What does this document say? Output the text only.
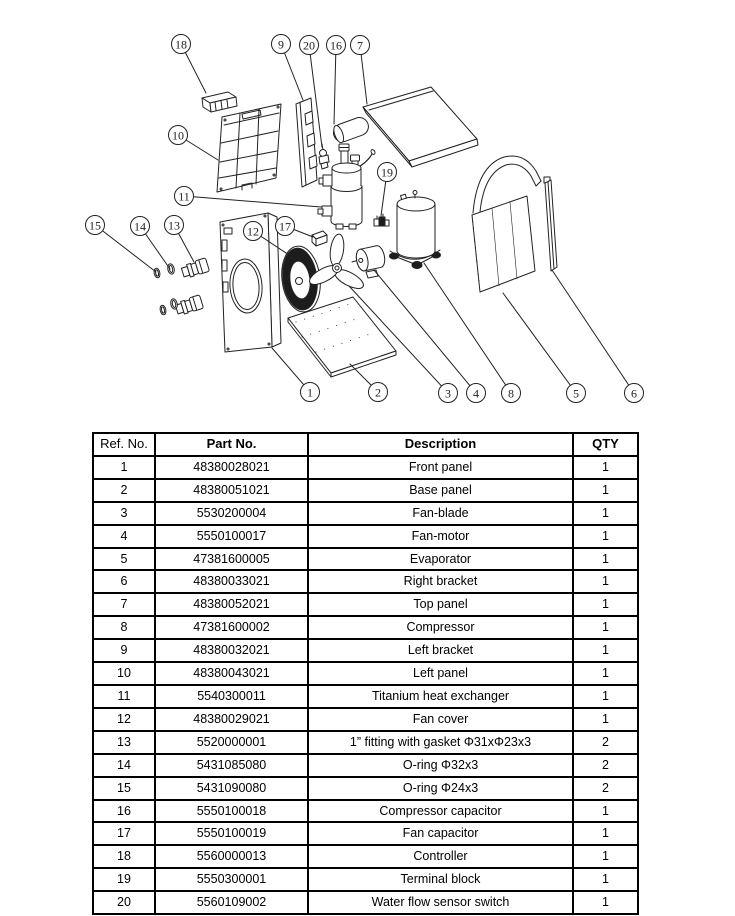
18	9 20 16 7
10
11
19
15	14 13	12 17
1	2	3 4 8	5	6
Ref. No.	Part No.	Description	QTY
1	48380028021	Front panel	1
2	48380051021	Base panel	1
3	5530200004	Fan-blade	1
4	5550100017	Fan-motor	1
5	47381600005	Evaporator	1
6	48380033021	Right bracket	1
7	48380052021	Top panel	1
8	47381600002	Compressor	1
9	48380032021	Left bracket	1
10	48380043021	Left panel	1
11	5540300011	Titanium heat exchanger	1
12	48380029021	Fan cover	1
13	5520000001	1” fitting with gasket Φ31xΦ23x3	2
14	5431085080	O-ring Φ32x3	2
15	5431090080	O-ring Φ24x3	2
16	5550100018	Compressor capacitor	1
17	5550100019	Fan capacitor	1
18	5560000013	Controller	1
19	5550300001	Terminal block	1
20	5560109002	Water flow sensor switch	1
